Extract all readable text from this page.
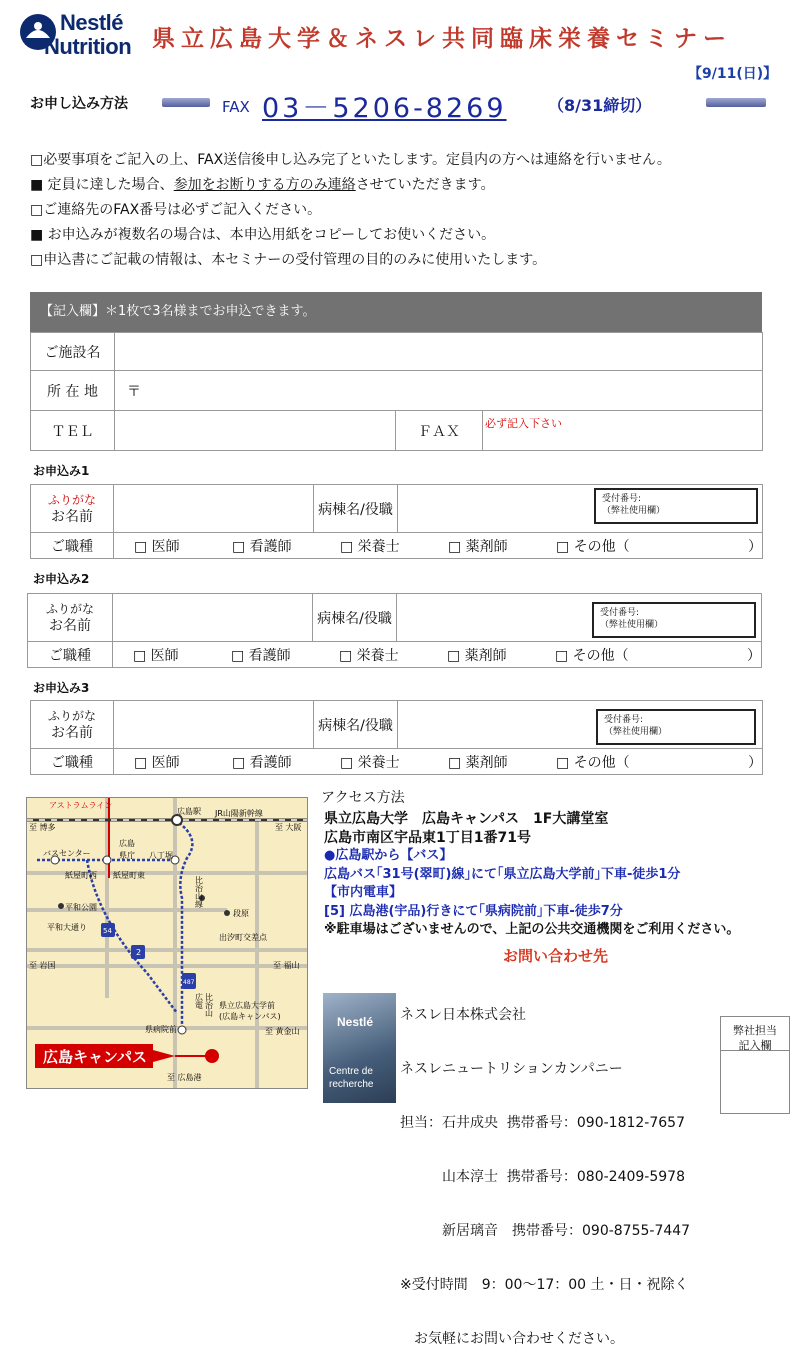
Nestlé
Nutrition 県立広島大学＆ネスレ共同臨床栄養セミナー
【9/11(日)】
お申し込み方法	FAX 03－5206-8269	（8/31締切）
□必要事項をご記入の上、FAX送信後申し込み完了といたします。定員内の方へは連絡を行いません。
■ 定員に達した場合、参加をお断りする方のみ連絡させていただきます。
□ご連絡先のFAX番号は必ずご記入ください。
■ お申込みが複数名の場合は、本申込用紙をコピーしてお使いください。
□申込書にご記載の情報は、本セミナーの受付管理の目的のみに使用いたします。
【記入欄】＊1枚で3名様までお申込できます。
ご施設名			
所 在 地	〒		
ＴＥＬ		ＦＡＸ	必ず記入下さい
お申込み1
ふりがな
お名前		病棟名/役職	
ご職種	□ 医師 □ 看護師 □ 栄養士 □ 薬剤師 □ その他（ ）		
受付番号:
（弊社使用欄）
お申込み2
ふりがな
お名前		病棟名/役職	
ご職種	□ 医師 □ 看護師 □ 栄養士 □ 薬剤師 □ その他（ ）		
受付番号:
（弊社使用欄）
お申込み3
ふりがな
お名前		病棟名/役職	
ご職種	□ 医師 □ 看護師 □ 栄養士 □ 薬剤師 □ その他（ ）		
受付番号:
（弊社使用欄）
54
2
487
アストラムライン
広島駅 JR山陽新幹線
至 博多	至 大阪
バスセンター
広島
県庁 八丁堀
紙屋町西 紙屋町東
平和公園
段原
平和大通り
出汐町交差点
至 岩国	至 福山
比治山線
広電 比治山 県立広島大学前
(広島キャンパス)
県病院前	至 黄金山
至 広島港
広島キャンパス
アクセス方法
県立広島大学　広島キャンパス　1F大講堂室
広島市南区宇品東1丁目1番71号
●広島駅から【バス】
広島バス｢31号(翠町)線｣にて｢県立広島大学前｣下車-徒歩1分
【市内電車】
[5] 広島港(宇品)行きにて｢県病院前｣下車-徒歩7分
※駐車場はございませんので、上記の公共交通機関をご利用ください。
お問い合わせ先
Nestlé
Centre de recherche

ネスレ日本株式会社

ネスレニュートリションカンパニー

担当：石井成央  携帯番号：090-1812-7657

　　　山本淳士  携帯番号：080-2409-5978

　　　新居璃音　携帯番号：090-8755-7447

※受付時間　9：00～17：00 土・日・祝除く

　お気軽にお問い合わせください。

弊社担当
記入欄
